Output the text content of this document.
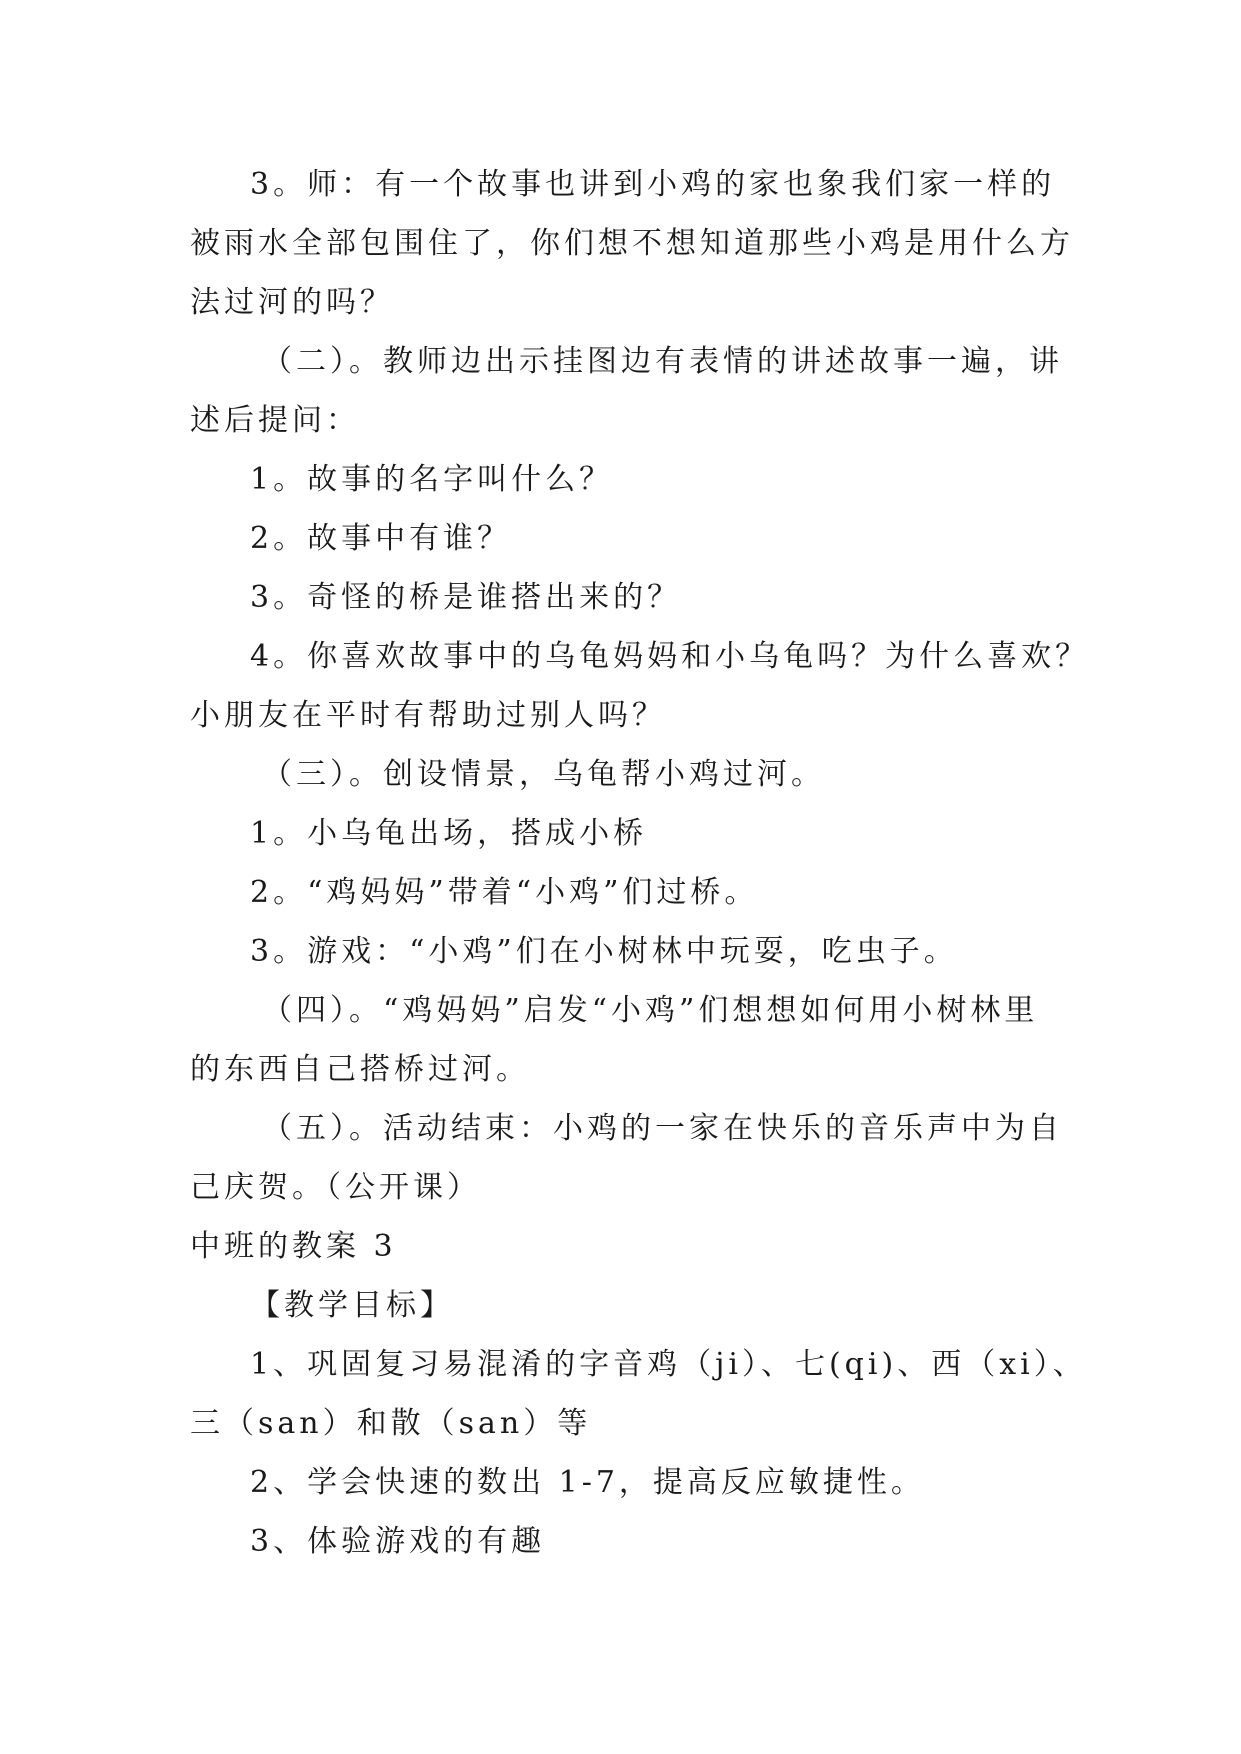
3。师：有一个故事也讲到小鸡的家也象我们家一样的
被雨水全部包围住了，你们想不想知道那些小鸡是用什么方
法过河的吗？
（二）。教师边出示挂图边有表情的讲述故事一遍，讲
述后提问：
1。故事的名字叫什么？
2。故事中有谁？
3。奇怪的桥是谁搭出来的？
4。你喜欢故事中的乌龟妈妈和小乌龟吗？为什么喜欢？
小朋友在平时有帮助过别人吗？
（三）。创设情景，乌龟帮小鸡过河。
1。小乌龟出场，搭成小桥
2。“鸡妈妈”带着“小鸡”们过桥。
3。游戏：“小鸡”们在小树林中玩耍，吃虫子。
（四）。“鸡妈妈”启发“小鸡”们想想如何用小树林里
的东西自己搭桥过河。
（五）。活动结束：小鸡的一家在快乐的音乐声中为自
己庆贺。（公开课）
中班的教案 3
【教学目标】
1、巩固复习易混淆的字音鸡（ji）、七(qi)、西（xi）、
三（san）和散（san）等
2、学会快速的数出 1-7，提高反应敏捷性。
3、体验游戏的有趣
